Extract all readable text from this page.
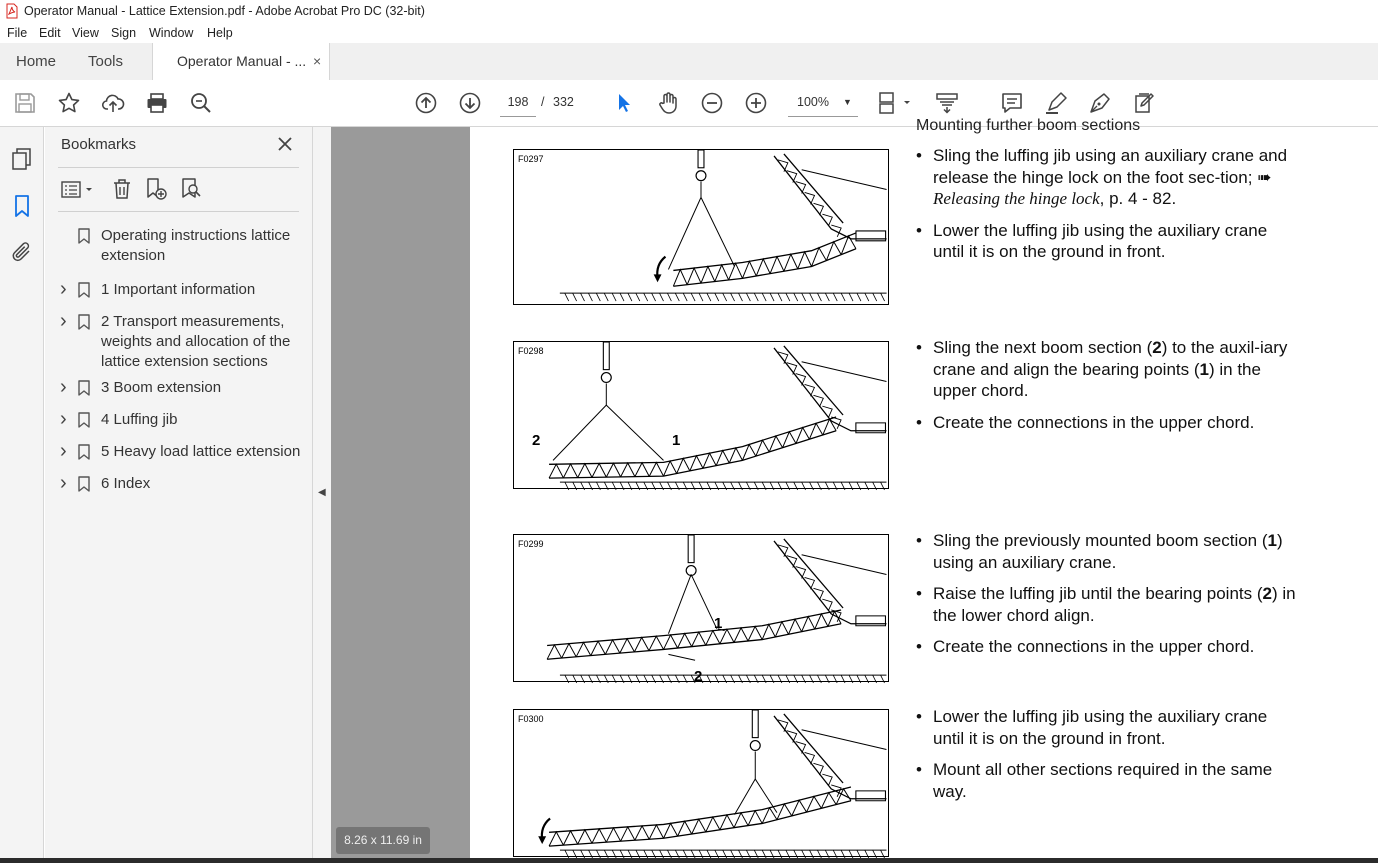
Operator Manual - Lattice Extension.pdf - Adobe Acrobat Pro DC (32-bit)
File Edit View Sign Window Help
Home Tools	Operator Manual - ... ×
198	/ 332	100% ▼
Bookmarks
Operating instructions lattice extension
› 1 Important information
› 2 Transport measurements, weights and allocation of the lattice extension sections
› 3 Boom extension
› 4 Luffing jib
› 5 Heavy load lattice extension
› 6 Index
◀
8.26 x 11.69 in
Mounting further boom sections
F0297
F0298
1
2
F0299
1
2
F0300
• Sling the luffing jib using an auxiliary crane and release the hinge lock on the foot sec-tion; ➠ Releasing the hinge lock, p. 4 - 82.
• Lower the luffing jib using the auxiliary crane until it is on the ground in front.
• Sling the next boom section (2) to the auxil-iary crane and align the bearing points (1) in the upper chord.
• Create the connections in the upper chord.
• Sling the previously mounted boom section (1) using an auxiliary crane.
• Raise the luffing jib until the bearing points (2) in the lower chord align.
• Create the connections in the upper chord.
• Lower the luffing jib using the auxiliary crane until it is on the ground in front.
• Mount all other sections required in the same way.
